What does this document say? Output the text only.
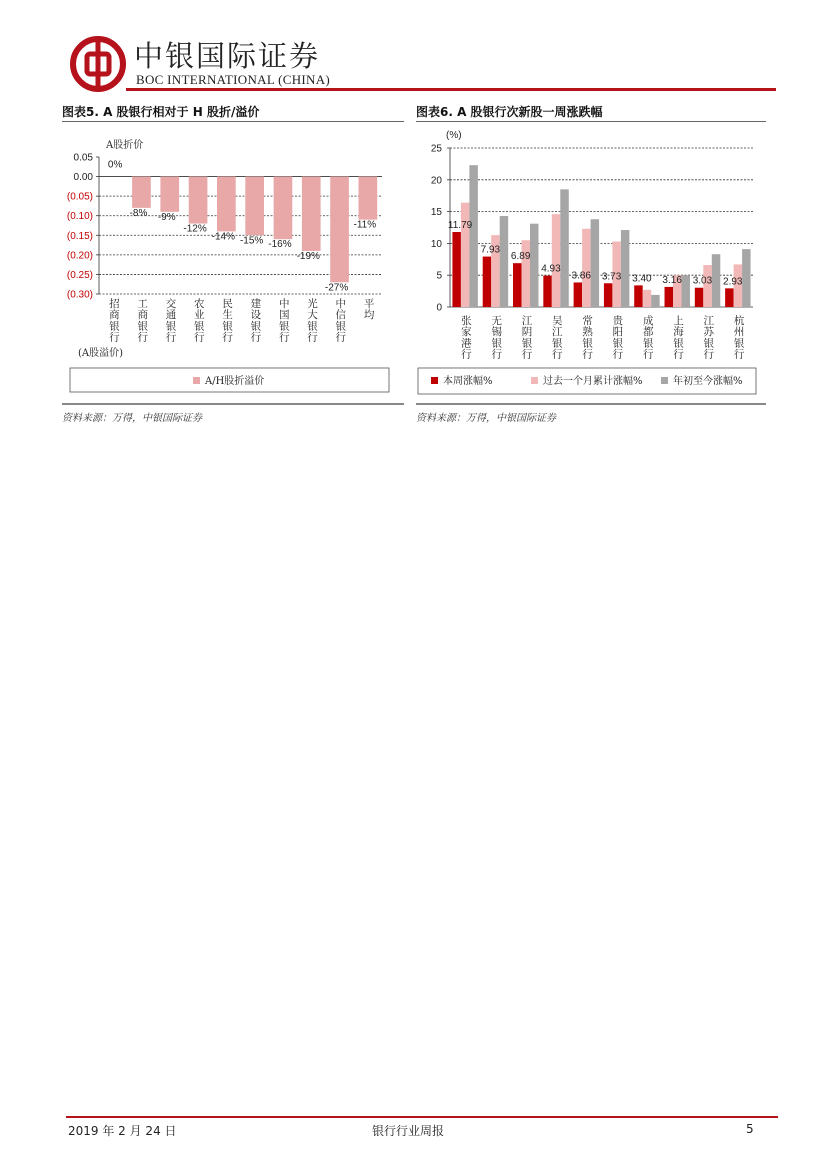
中银国际证券
BOC INTERNATIONAL (CHINA)
图表5. A 股银行相对于 H 股折/溢价
A股折价
0.05
0.00
(0.05)
(0.10)
(0.15)
(0.20)
(0.25)
(0.30)
0%
招商银行
-8%
工商银行
-9%
交通银行
-12%
农业银行
-14%
民生银行
-15%
建设银行
-16%
中国银行
-19%
光大银行
-27%
中信银行
-11%
平均
(A股溢价)
A/H股折溢价
资料来源：万得，中银国际证券
图表6. A 股银行次新股一周涨跌幅
(%)
25
20
15
10
5
0
11.79
张家港行
7.93
无锡银行
6.89
江阴银行
4.93
吴江银行
3.86
常熟银行
3.73
贵阳银行
3.40
成都银行
3.16
上海银行
3.03
江苏银行
2.93
杭州银行
本周涨幅%	过去一个月累计涨幅%	年初至今涨幅%
资料来源：万得，中银国际证券
2019 年 2 月 24 日	银行行业周报	5
